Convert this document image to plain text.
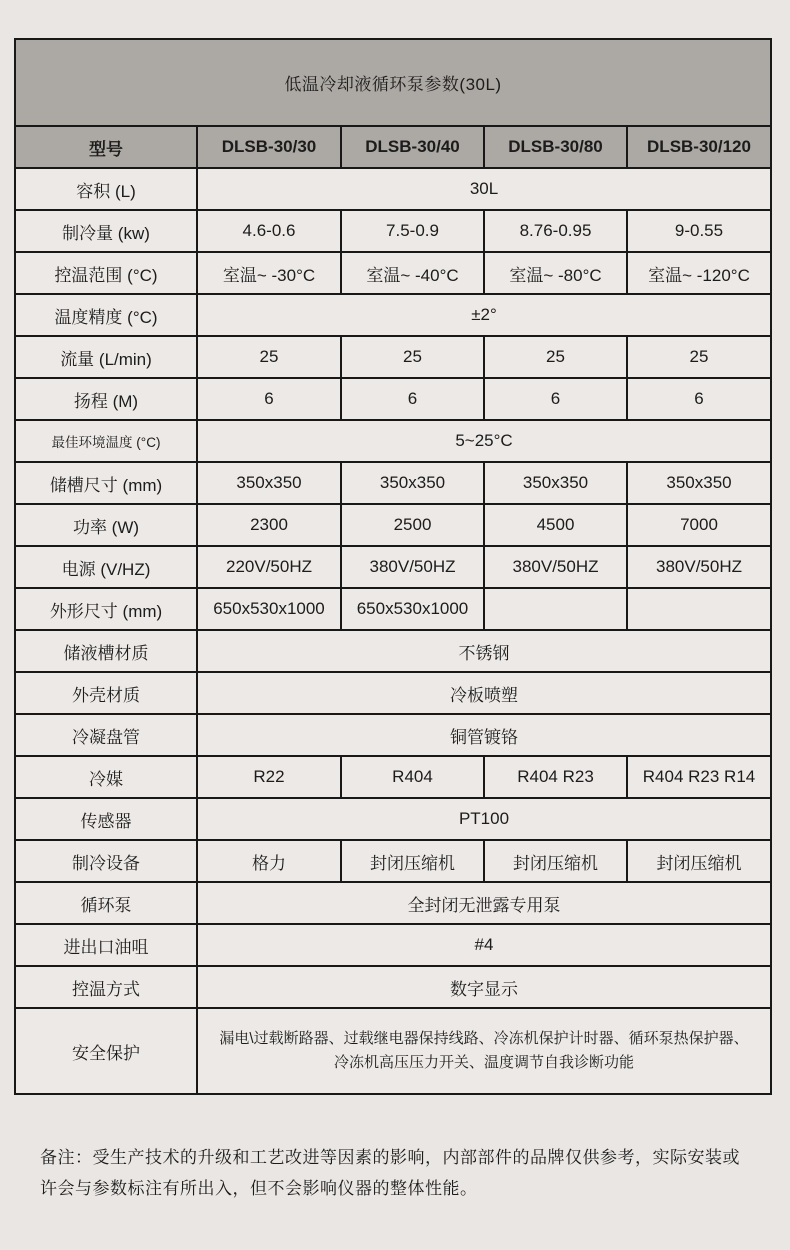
低温冷却液循环泵参数(30L)				
型号	DLSB-30/30	DLSB-30/40	DLSB-30/80	DLSB-30/120
容积 (L)	30L			
制冷量 (kw)	4.6-0.6	7.5-0.9	8.76-0.95	9-0.55
控温范围 (°C)	室温~ -30°C	室温~ -40°C	室温~ -80°C	室温~ -120°C
温度精度 (°C)	±2°			
流量 (L/min)	25	25	25	25
扬程 (M)	6	6	6	6
最佳环境温度 (°C)	5~25°C			
储槽尺寸 (mm)	350x350	350x350	350x350	350x350
功率 (W)	2300	2500	4500	7000
电源 (V/HZ)	220V/50HZ	380V/50HZ	380V/50HZ	380V/50HZ
外形尺寸 (mm)	650x530x1000	650x530x1000		
储液槽材质	不锈钢			
外壳材质	冷板喷塑			
冷凝盘管	铜管镀铬			
冷媒	R22	R404	R404 R23	R404 R23 R14
传感器	PT100			
制冷设备	格力	封闭压缩机	封闭压缩机	封闭压缩机
循环泵	全封闭无泄露专用泵			
进出口油咀	#4			
控温方式	数字显示			
安全保护	漏电\过载断路器、过载继电器保持线路、冷冻机保护计时器、循环泵热保护器、冷冻机高压压力开关、温度调节自我诊断功能			
备注：受生产技术的升级和工艺改进等因素的影响，内部部件的品牌仅供参考，实际安装或许会与参数标注有所出入，但不会影响仪器的整体性能。
